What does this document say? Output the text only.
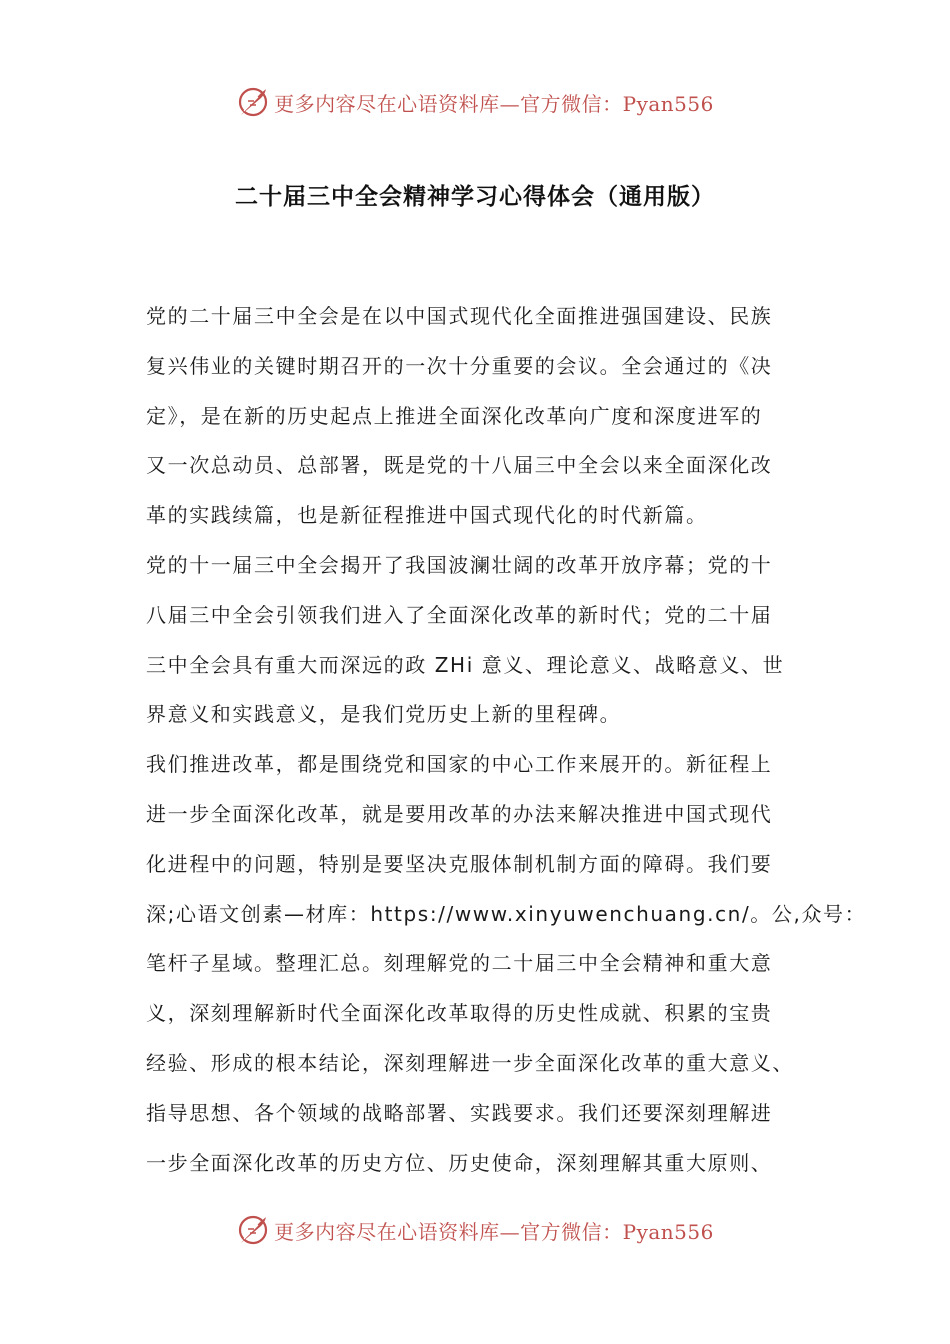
更多内容尽在心语资料库—官方微信：Pyan556
二十届三中全会精神学习心得体会（通用版）
党的二十届三中全会是在以中国式现代化全面推进强国建设、民族
复兴伟业的关键时期召开的一次十分重要的会议。全会通过的《决
定》，是在新的历史起点上推进全面深化改革向广度和深度进军的
又一次总动员、总部署，既是党的十八届三中全会以来全面深化改
革的实践续篇，也是新征程推进中国式现代化的时代新篇。
党的十一届三中全会揭开了我国波澜壮阔的改革开放序幕；党的十
八届三中全会引领我们进入了全面深化改革的新时代；党的二十届
三中全会具有重大而深远的政 ZHi 意义、理论意义、战略意义、世
界意义和实践意义，是我们党历史上新的里程碑。
我们推进改革，都是围绕党和国家的中心工作来展开的。新征程上
进一步全面深化改革，就是要用改革的办法来解决推进中国式现代
化进程中的问题，特别是要坚决克服体制机制方面的障碍。我们要
深;心语文创素—材库：https://www.xinyuwenchuang.cn/。公,众号：
笔杆子星域。整理汇总。刻理解党的二十届三中全会精神和重大意
义，深刻理解新时代全面深化改革取得的历史性成就、积累的宝贵
经验、形成的根本结论，深刻理解进一步全面深化改革的重大意义、
指导思想、各个领域的战略部署、实践要求。我们还要深刻理解进
一步全面深化改革的历史方位、历史使命，深刻理解其重大原则、
更多内容尽在心语资料库—官方微信：Pyan556
